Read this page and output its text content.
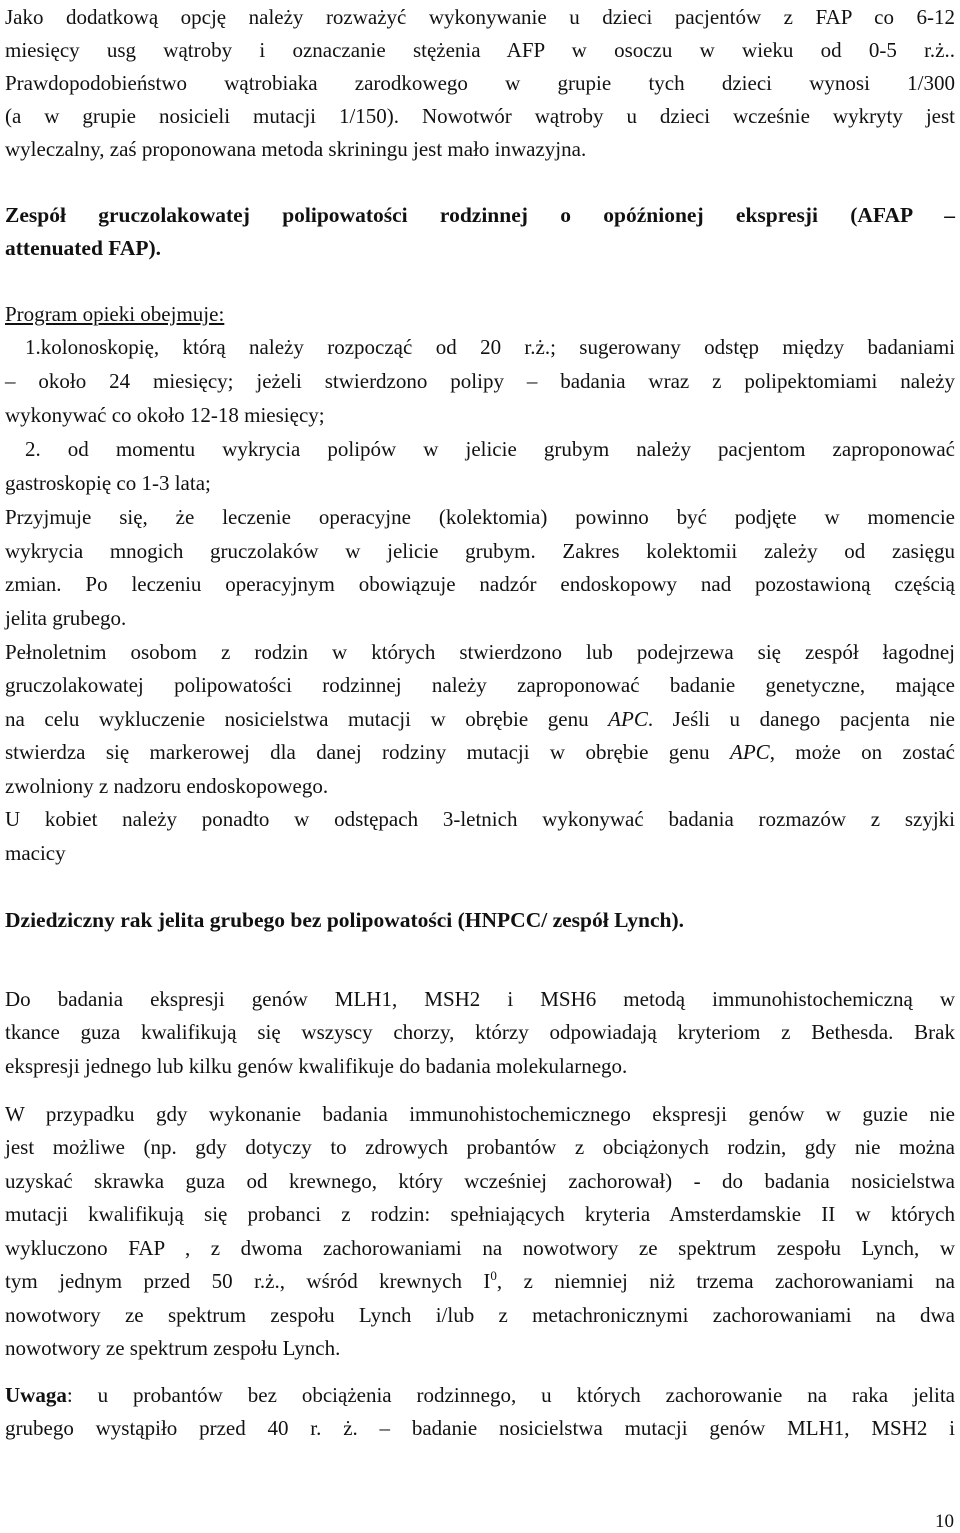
Jako dodatkową opcję należy rozważyć wykonywanie u dzieci pacjentów z FAP co 6-12
miesięcy usg wątroby i oznaczanie stężenia AFP w osoczu w wieku od 0-5 r.ż..
Prawdopodobieństwo wątrobiaka zarodkowego w grupie tych dzieci wynosi 1/300
(a w grupie nosicieli mutacji 1/150). Nowotwór wątroby u dzieci wcześnie wykryty jest
wyleczalny, zaś proponowana metoda skriningu jest mało inwazyjna.
Zespół gruczolakowatej polipowatości rodzinnej o opóźnionej ekspresji (AFAP –
attenuated FAP).
Program opieki obejmuje:
1.kolonoskopię, którą należy rozpocząć od 20 r.ż.; sugerowany odstęp między badaniami
– około 24 miesięcy; jeżeli stwierdzono polipy – badania wraz z polipektomiami należy
wykonywać co około 12-18 miesięcy;
2. od momentu wykrycia polipów w jelicie grubym należy pacjentom zaproponować
gastroskopię co 1-3 lata;
Przyjmuje się, że leczenie operacyjne (kolektomia) powinno być podjęte w momencie
wykrycia mnogich gruczolaków w jelicie grubym. Zakres kolektomii zależy od zasięgu
zmian. Po leczeniu operacyjnym obowiązuje nadzór endoskopowy nad pozostawioną częścią
jelita grubego.
Pełnoletnim osobom z rodzin w których stwierdzono lub podejrzewa się zespół łagodnej
gruczolakowatej polipowatości rodzinnej należy zaproponować badanie genetyczne, mające
na celu wykluczenie nosicielstwa mutacji w obrębie genu APC. Jeśli u danego pacjenta nie
stwierdza się markerowej dla danej rodziny mutacji w obrębie genu APC, może on zostać
zwolniony z nadzoru endoskopowego.
U kobiet należy ponadto w odstępach 3-letnich wykonywać badania rozmazów z szyjki
macicy
Dziedziczny rak jelita grubego bez polipowatości (HNPCC/ zespół Lynch).
Do badania ekspresji genów MLH1, MSH2 i MSH6 metodą immunohistochemiczną w
tkance guza kwalifikują się wszyscy chorzy, którzy odpowiadają kryteriom z Bethesda. Brak
ekspresji jednego lub kilku genów kwalifikuje do badania molekularnego.
W przypadku gdy wykonanie badania immunohistochemicznego ekspresji genów w guzie nie
jest możliwe (np. gdy dotyczy to zdrowych probantów z obciążonych rodzin, gdy nie można
uzyskać skrawka guza od krewnego, który wcześniej zachorował) - do badania nosicielstwa
mutacji kwalifikują się probanci z rodzin: spełniających kryteria Amsterdamskie II w których
wykluczono FAP , z dwoma zachorowaniami na nowotwory ze spektrum zespołu Lynch, w
tym jednym przed 50 r.ż., wśród krewnych $I^0$, z niemniej niż trzema zachorowaniami na
nowotwory ze spektrum zespołu Lynch i/lub z metachronicznymi zachorowaniami na dwa
nowotwory ze spektrum zespołu Lynch.
Uwaga: u probantów bez obciążenia rodzinnego, u których zachorowanie na raka jelita
grubego wystąpiło przed 40 r. ż. – badanie nosicielstwa mutacji genów MLH1, MSH2 i
10
